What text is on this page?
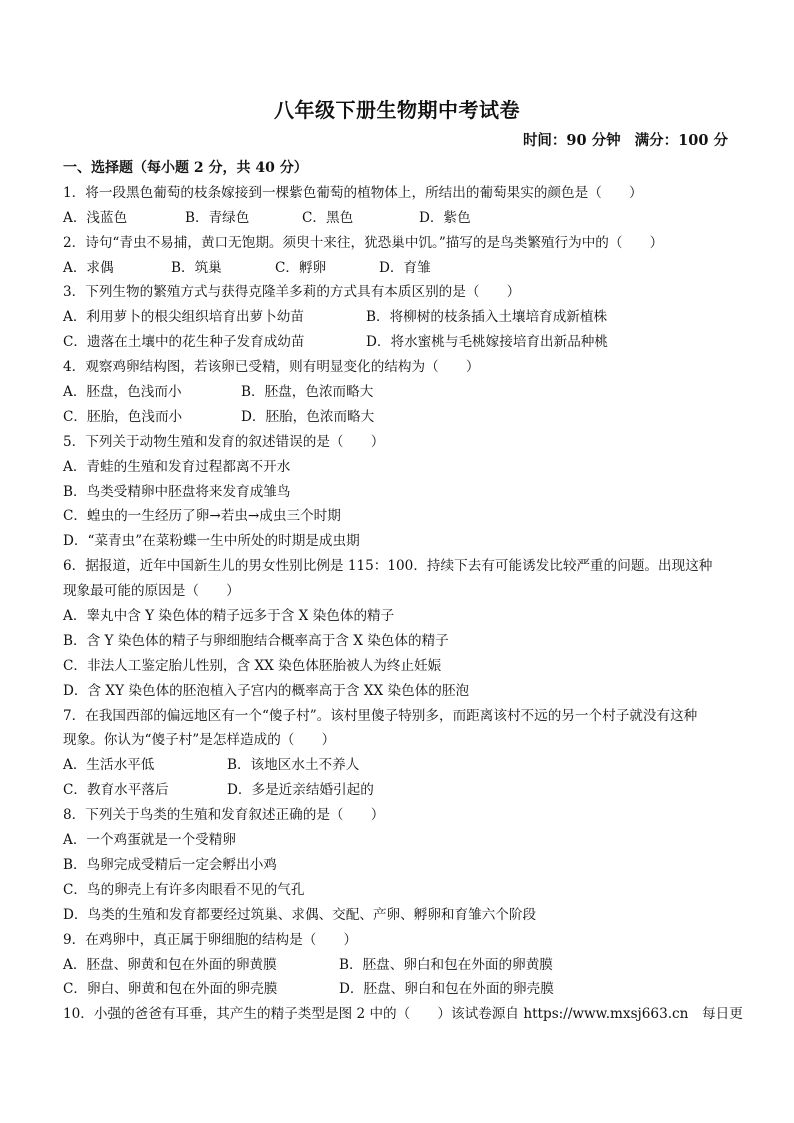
八年级下册生物期中考试卷
时间：90 分钟 满分：100 分
一、选择题（每小题 2 分，共 40 分）
1．将一段黑色葡萄的枝条嫁接到一棵紫色葡萄的植物体上，所结出的葡萄果实的颜色是（　　）
A．浅蓝色	B．青绿色	C．黑色	D．紫色
2．诗句“青虫不易捕，黄口无饱期。须臾十来往，犹恐巢中饥。”描写的是鸟类繁殖行为中的（　　）
A．求偶	B．筑巢	C．孵卵	D．育雏
3．下列生物的繁殖方式与获得克隆羊多莉的方式具有本质区别的是（　　）
A．利用萝卜的根尖组织培育出萝卜幼苗	B．将柳树的枝条插入土壤培育成新植株
C．遗落在土壤中的花生种子发育成幼苗	D．将水蜜桃与毛桃嫁接培育出新品种桃
4．观察鸡卵结构图，若该卵已受精，则有明显变化的结构为（　　）
A．胚盘，色浅而小	B．胚盘，色浓而略大
C．胚胎，色浅而小	D．胚胎，色浓而略大
5．下列关于动物生殖和发育的叙述错误的是（　　）
A．青蛙的生殖和发育过程都离不开水
B．鸟类受精卵中胚盘将来发育成雏鸟
C．蝗虫的一生经历了卵→若虫→成虫三个时期
D．“菜青虫”在菜粉蝶一生中所处的时期是成虫期
6．据报道，近年中国新生儿的男女性别比例是 115：100．持续下去有可能诱发比较严重的问题。出现这种
现象最可能的原因是（　　）
A．睾丸中含 Y 染色体的精子远多于含 X 染色体的精子
B．含 Y 染色体的精子与卵细胞结合概率高于含 X 染色体的精子
C．非法人工鉴定胎儿性别，含 XX 染色体胚胎被人为终止妊娠
D．含 XY 染色体的胚泡植入子宫内的概率高于含 XX 染色体的胚泡
7．在我国西部的偏远地区有一个“傻子村”。该村里傻子特别多，而距离该村不远的另一个村子就没有这种
现象。你认为“傻子村”是怎样造成的（　　）
A．生活水平低	B．该地区水土不养人
C．教育水平落后	D．多是近亲结婚引起的
8．下列关于鸟类的生殖和发育叙述正确的是（　　）
A．一个鸡蛋就是一个受精卵
B．鸟卵完成受精后一定会孵出小鸡
C．鸟的卵壳上有许多肉眼看不见的气孔
D．鸟类的生殖和发育都要经过筑巢、求偶、交配、产卵、孵卵和育雏六个阶段
9．在鸡卵中，真正属于卵细胞的结构是（　　）
A．胚盘、卵黄和包在外面的卵黄膜	B．胚盘、卵白和包在外面的卵黄膜
C．卵白、卵黄和包在外面的卵壳膜	D．胚盘、卵白和包在外面的卵壳膜
10．小强的爸爸有耳垂，其产生的精子类型是图 2 中的（　　）该试卷源自 https://www.mxsj663.cn　每日更
